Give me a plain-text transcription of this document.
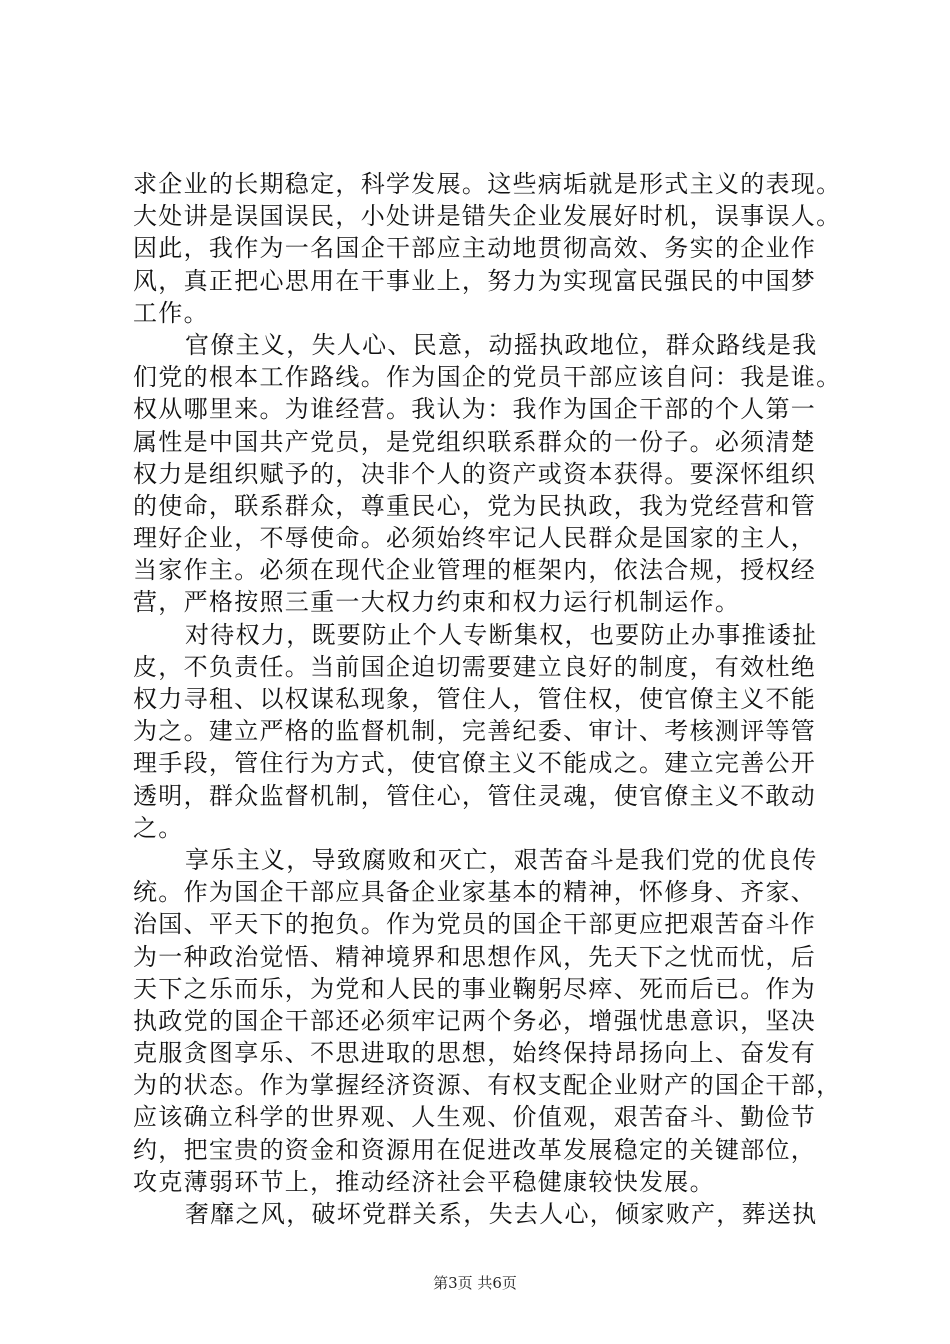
求企业的长期稳定，科学发展。这些病垢就是形式主义的表现。
大处讲是误国误民，小处讲是错失企业发展好时机，误事误人。
因此，我作为一名国企干部应主动地贯彻高效、务实的企业作
风，真正把心思用在干事业上，努力为实现富民强民的中国梦
工作。
官僚主义，失人心、民意，动摇执政地位，群众路线是我
们党的根本工作路线。作为国企的党员干部应该自问：我是谁。
权从哪里来。为谁经营。我认为：我作为国企干部的个人第一
属性是中国共产党员，是党组织联系群众的一份子。必须清楚
权力是组织赋予的，决非个人的资产或资本获得。要深怀组织
的使命，联系群众，尊重民心，党为民执政，我为党经营和管
理好企业，不辱使命。必须始终牢记人民群众是国家的主人，
当家作主。必须在现代企业管理的框架内，依法合规，授权经
营，严格按照三重一大权力约束和权力运行机制运作。
对待权力，既要防止个人专断集权，也要防止办事推诿扯
皮，不负责任。当前国企迫切需要建立良好的制度，有效杜绝
权力寻租、以权谋私现象，管住人，管住权，使官僚主义不能
为之。建立严格的监督机制，完善纪委、审计、考核测评等管
理手段，管住行为方式，使官僚主义不能成之。建立完善公开
透明，群众监督机制，管住心，管住灵魂，使官僚主义不敢动
之。
享乐主义，导致腐败和灭亡，艰苦奋斗是我们党的优良传
统。作为国企干部应具备企业家基本的精神，怀修身、齐家、
治国、平天下的抱负。作为党员的国企干部更应把艰苦奋斗作
为一种政治觉悟、精神境界和思想作风，先天下之忧而忧，后
天下之乐而乐，为党和人民的事业鞠躬尽瘁、死而后已。作为
执政党的国企干部还必须牢记两个务必，增强忧患意识，坚决
克服贪图享乐、不思进取的思想，始终保持昂扬向上、奋发有
为的状态。作为掌握经济资源、有权支配企业财产的国企干部，
应该确立科学的世界观、人生观、价值观，艰苦奋斗、勤俭节
约，把宝贵的资金和资源用在促进改革发展稳定的关键部位，
攻克薄弱环节上，推动经济社会平稳健康较快发展。
奢靡之风，破坏党群关系，失去人心，倾家败产，葬送执
第3页 共6页
